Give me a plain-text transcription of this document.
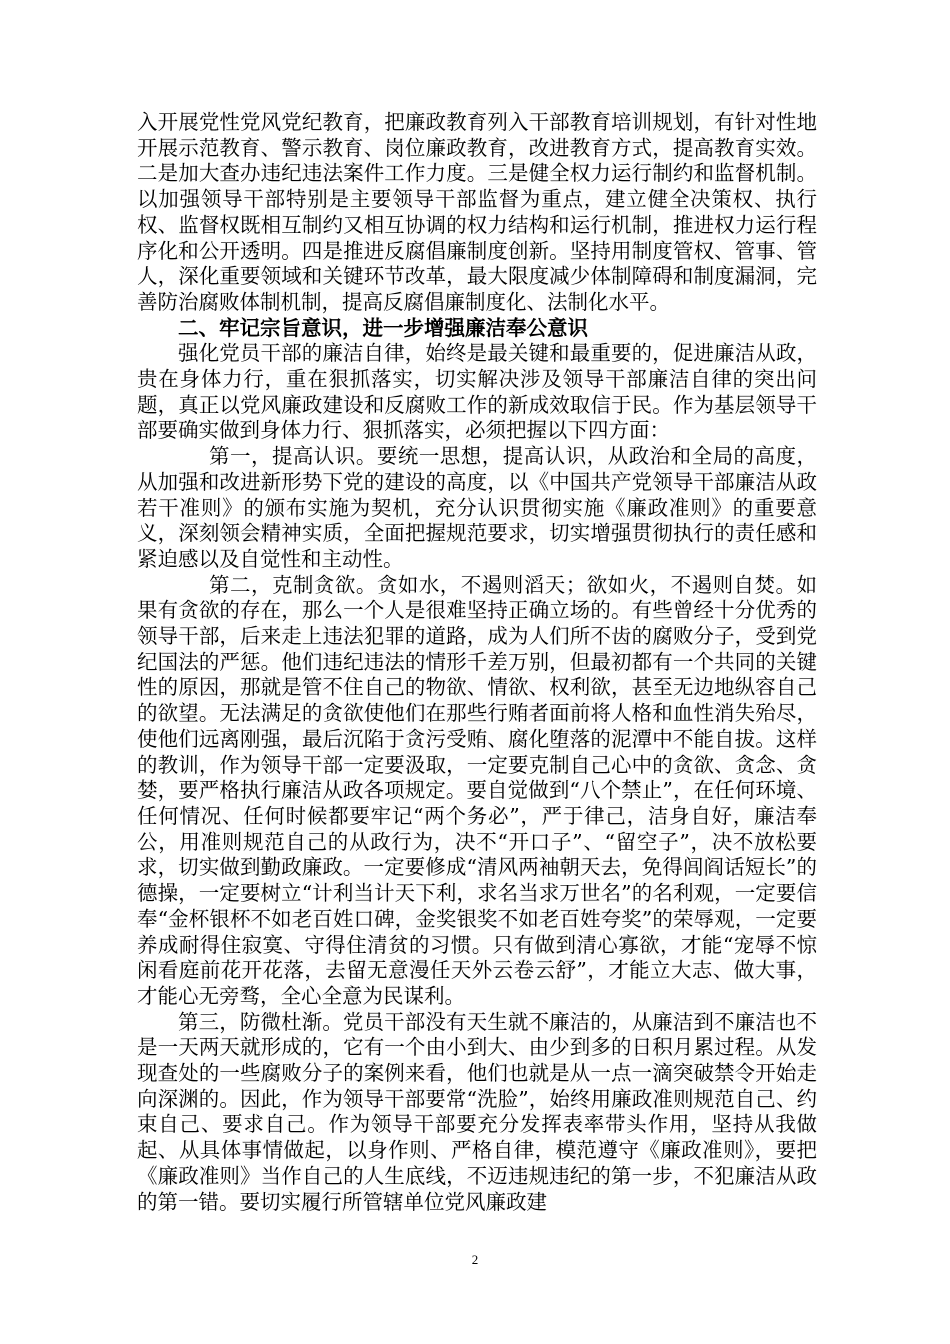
入开展党性党风党纪教育，把廉政教育列入干部教育培训规划，有针对性地开展示范教育、警示教育、岗位廉政教育，改进教育方式，提高教育实效。二是加大查办违纪违法案件工作力度。三是健全权力运行制约和监督机制。以加强领导干部特别是主要领导干部监督为重点，建立健全决策权、执行权、监督权既相互制约又相互协调的权力结构和运行机制，推进权力运行程序化和公开透明。四是推进反腐倡廉制度创新。坚持用制度管权、管事、管人，深化重要领域和关键环节改革，最大限度减少体制障碍和制度漏洞，完善防治腐败体制机制，提高反腐倡廉制度化、法制化水平。

二、牢记宗旨意识，进一步增强廉洁奉公意识

强化党员干部的廉洁自律，始终是最关键和最重要的，促进廉洁从政，贵在身体力行，重在狠抓落实，切实解决涉及领导干部廉洁自律的突出问题，真正以党风廉政建设和反腐败工作的新成效取信于民。作为基层领导干部要确实做到身体力行、狠抓落实，必须把握以下四方面：

第一，提高认识。要统一思想，提高认识，从政治和全局的高度，从加强和改进新形势下党的建设的高度，以《中国共产党领导干部廉洁从政若干准则》的颁布实施为契机，充分认识贯彻实施《廉政准则》的重要意义，深刻领会精神实质，全面把握规范要求，切实增强贯彻执行的责任感和紧迫感以及自觉性和主动性。

第二，克制贪欲。贪如水，不遏则滔天；欲如火，不遏则自焚。如果有贪欲的存在，那么一个人是很难坚持正确立场的。有些曾经十分优秀的领导干部，后来走上违法犯罪的道路，成为人们所不齿的腐败分子，受到党纪国法的严惩。他们违纪违法的情形千差万别，但最初都有一个共同的关键性的原因，那就是管不住自己的物欲、情欲、权利欲，甚至无边地纵容自己的欲望。无法满足的贪欲使他们在那些行贿者面前将人格和血性消失殆尽，使他们远离刚强，最后沉陷于贪污受贿、腐化堕落的泥潭中不能自拔。这样的教训，作为领导干部一定要汲取，一定要克制自己心中的贪欲、贪念、贪婪，要严格执行廉洁从政各项规定。要自觉做到“八个禁止”，在任何环境、任何情况、任何时候都要牢记“两个务必”，严于律己，洁身自好，廉洁奉公，用准则规范自己的从政行为，决不“开口子”、“留空子”，决不放松要求，切实做到勤政廉政。一定要修成“清风两袖朝天去，免得闾阎话短长”的德操，一定要树立“计利当计天下利，求名当求万世名”的名利观，一定要信奉“金杯银杯不如老百姓口碑，金奖银奖不如老百姓夸奖”的荣辱观，一定要养成耐得住寂寞、守得住清贫的习惯。只有做到清心寡欲，才能“宠辱不惊闲看庭前花开花落，去留无意漫任天外云卷云舒”，才能立大志、做大事，才能心无旁骛，全心全意为民谋利。

第三，防微杜渐。党员干部没有天生就不廉洁的，从廉洁到不廉洁也不是一天两天就形成的，它有一个由小到大、由少到多的日积月累过程。从发现查处的一些腐败分子的案例来看，他们也就是从一点一滴突破禁令开始走向深渊的。因此，作为领导干部要常“洗脸”，始终用廉政准则规范自己、约束自己、要求自己。作为领导干部要充分发挥表率带头作用，坚持从我做起、从具体事情做起，以身作则、严格自律，模范遵守《廉政准则》，要把《廉政准则》当作自己的人生底线，不迈违规违纪的第一步，不犯廉洁从政的第一错。要切实履行所管辖单位党风廉政建

2
